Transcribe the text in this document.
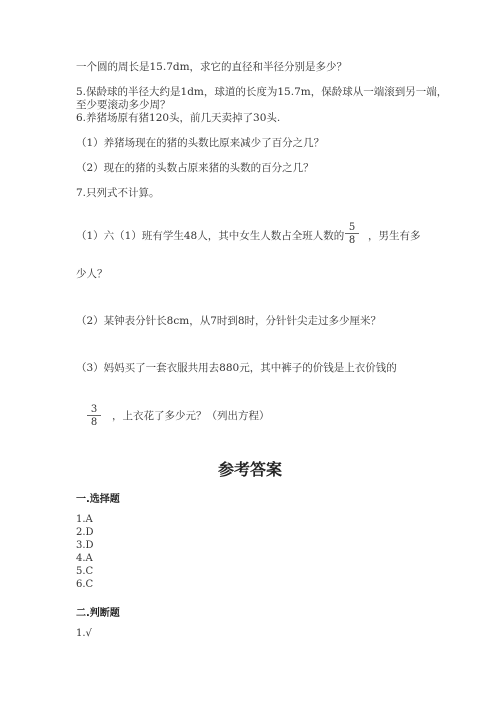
一个圆的周长是15.7dm，求它的直径和半径分别是多少？
5.保龄球的半径大约是1dm，球道的长度为15.7m，保龄球从一端滚到另一端，
至少要滚动多少周？
6.养猪场原有猪120头，前几天卖掉了30头.
（1）养猪场现在的猪的头数比原来减少了百分之几？
（2）现在的猪的头数占原来猪的头数的百分之几？
7.只列式不计算。
（1）六（1）班有学生48人，其中女生人数占全班人数的 $\frac{5}{8}$ ，男生有多
少人？
（2）某钟表分针长8cm，从7时到8时，分针针尖走过多少厘米？
（3）妈妈买了一套衣服共用去880元，其中裤子的价钱是上衣价钱的
$\frac{3}{8}$ ，上衣花了多少元？（列出方程）
参考答案
一.选择题
1.A
2.D
3.D
4.A
5.C
6.C
二.判断题
1.√
